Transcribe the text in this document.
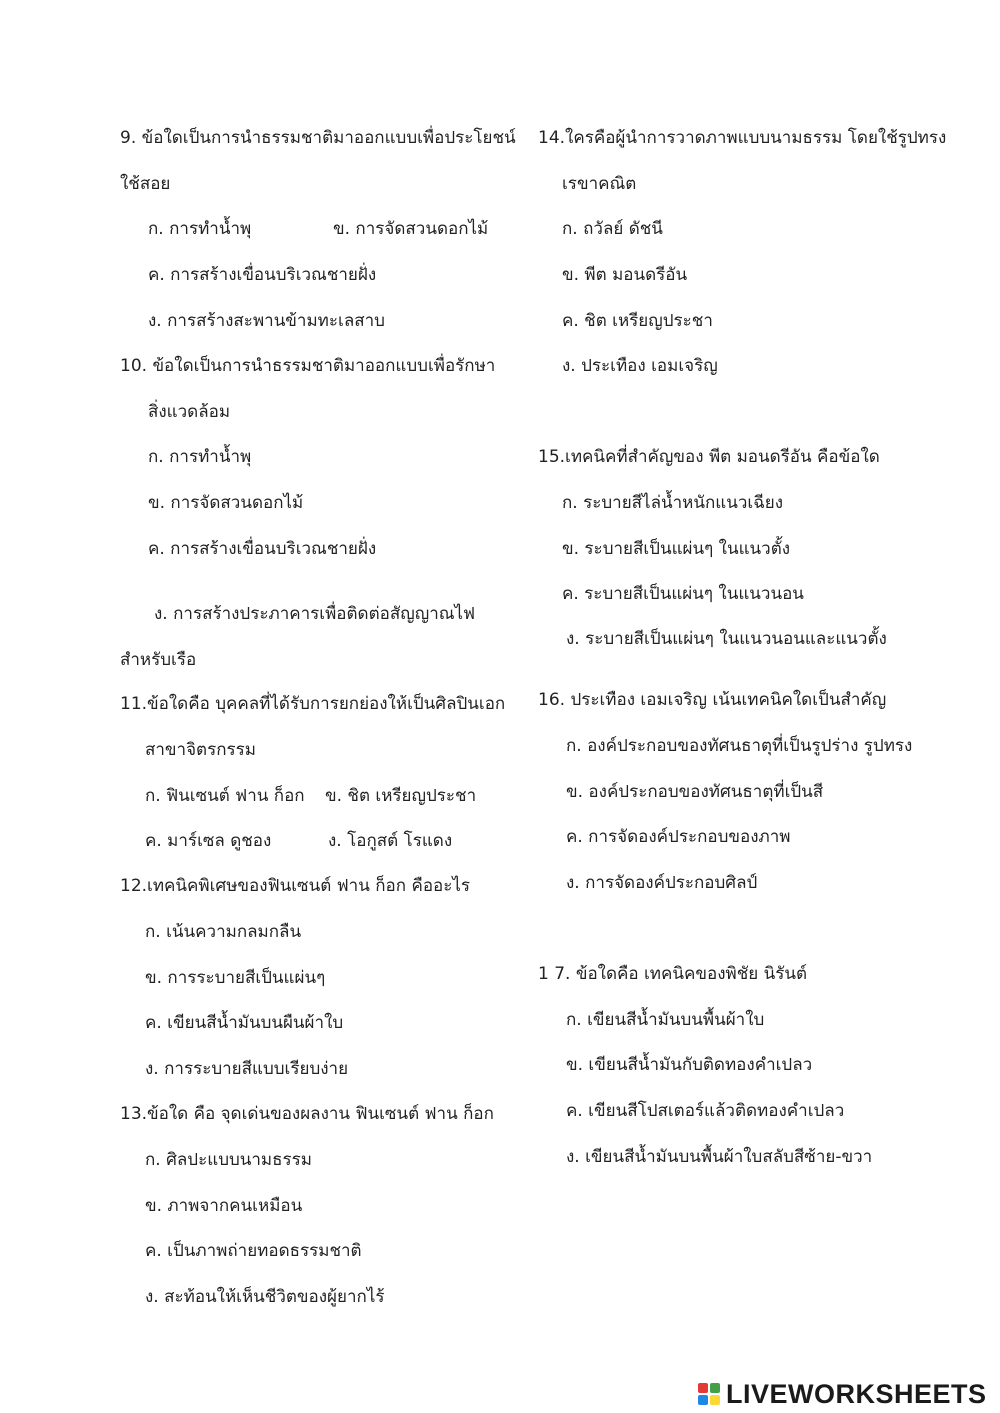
9. ข้อใดเป็นการนำธรรมชาติมาออกแบบเพื่อประโยชน์
ใช้สอย
ก. การทำน้ำพุ	ข. การจัดสวนดอกไม้
ค. การสร้างเขื่อนบริเวณชายฝั่ง
ง. การสร้างสะพานข้ามทะเลสาบ
10. ข้อใดเป็นการนำธรรมชาติมาออกแบบเพื่อรักษา
สิ่งแวดล้อม
ก. การทำน้ำพุ
ข. การจัดสวนดอกไม้
ค. การสร้างเขื่อนบริเวณชายฝั่ง
ง. การสร้างประภาคารเพื่อติดต่อสัญญาณไฟ
สำหรับเรือ
11.ข้อใดคือ บุคคลที่ได้รับการยกย่องให้เป็นศิลปินเอก
สาขาจิตรกรรม
ก. ฟินเซนต์ ฟาน ก็อก ข. ชิต เหรียญประชา
ค. มาร์เซล ดูชอง	ง. โอกูสต์ โรแดง
12.เทคนิคพิเศษของฟินเซนต์ ฟาน ก็อก คืออะไร
ก. เน้นความกลมกลืน
ข. การระบายสีเป็นแผ่นๆ
ค. เขียนสีน้ำมันบนผืนผ้าใบ
ง. การระบายสีแบบเรียบง่าย
13.ข้อใด คือ จุดเด่นของผลงาน ฟินเซนต์ ฟาน ก็อก
ก. ศิลปะแบบนามธรรม
ข. ภาพจากคนเหมือน
ค. เป็นภาพถ่ายทอดธรรมชาติ
ง. สะท้อนให้เห็นชีวิตของผู้ยากไร้
14.ใครคือผู้นำการวาดภาพแบบนามธรรม โดยใช้รูปทรง
เรขาคณิต
ก. ถวัลย์ ดัชนี
ข. พีต มอนดรีอัน
ค. ชิต เหรียญประชา
ง. ประเทือง เอมเจริญ
15.เทคนิคที่สำคัญของ พีต มอนดรีอัน คือข้อใด
ก. ระบายสีไล่น้ำหนักแนวเฉียง
ข. ระบายสีเป็นแผ่นๆ ในแนวตั้ง
ค. ระบายสีเป็นแผ่นๆ ในแนวนอน
ง. ระบายสีเป็นแผ่นๆ ในแนวนอนและแนวตั้ง
16. ประเทือง เอมเจริญ เน้นเทคนิคใดเป็นสำคัญ
ก. องค์ประกอบของทัศนธาตุที่เป็นรูปร่าง รูปทรง
ข. องค์ประกอบของทัศนธาตุที่เป็นสี
ค. การจัดองค์ประกอบของภาพ
ง. การจัดองค์ประกอบศิลป์
1 7. ข้อใดคือ เทคนิคของพิชัย นิรันต์
ก. เขียนสีน้ำมันบนพื้นผ้าใบ
ข. เขียนสีน้ำมันกับติดทองคำเปลว
ค. เขียนสีโปสเตอร์แล้วติดทองคำเปลว
ง. เขียนสีน้ำมันบนพื้นผ้าใบสลับสีซ้าย-ขวา
LIVEWORKSHEETS
